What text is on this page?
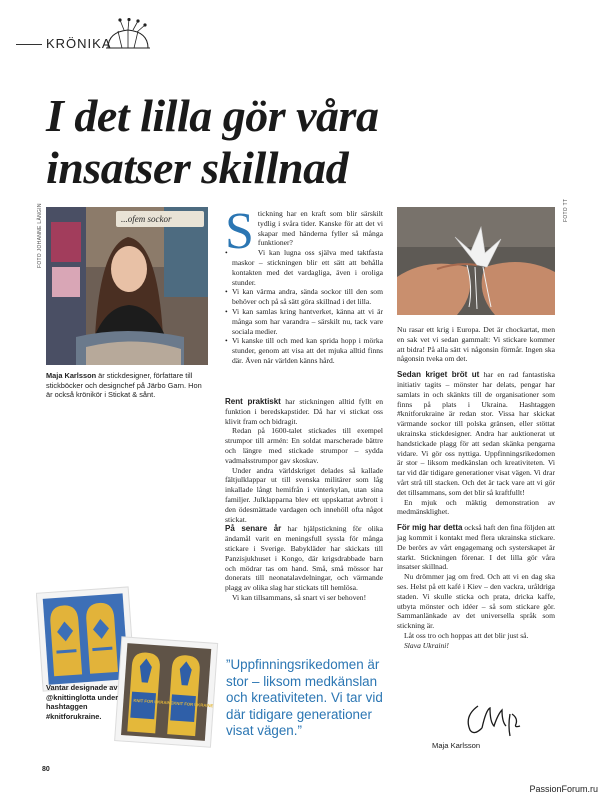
KRÖNIKA
I det lilla gör våra
insatser skillnad
FOTO JOHANNE LÄNGIN	...ofem sockor
Maja Karlsson är stickdesigner, författare till stickböcker och designchef på Järbo Garn. Hon är också krönikör i Stickat & sånt.
S tickning har en kraft som blir särskilt tydlig i svåra tider. Kanske för att det vi skapar med händerna fyller så många funktioner?

• Vi kan lugna oss själva med taktfasta maskor – stickningen blir ett sätt att behålla kontakten med det vardagliga, även i oroliga stunder.

• Vi kan värma andra, sända sockor till den som behöver och på så sätt göra skillnad i det lilla.

• Vi kan samlas kring hantverket, känna att vi är många som har varandra – särskilt nu, tack vare sociala medier.

• Vi kanske till och med kan sprida hopp i mörka stunder, genom att visa att det mjuka alltid finns där. Även när världen känns hård.

Rent praktiskt har stickningen alltid fyllt en funktion i beredskapstider. Då har vi stickat oss klivit fram och bidragit.

Redan på 1600-talet stickades till exempel strumpor till armén: En soldat marscherade bättre och längre med stickade strumpor – sydda vadmalsstrumpor gav skoskav.

Under andra världskriget delades så kallade fältjulklappar ut till svenska militärer som låg inkallade långt hemifrån i vinterkylan, utan sina familjer. Julklapparna blev ett uppskattat avbrott i den ödesmättade vardagen och innehöll ofta något stickat.

På senare år har hjälpstickning för olika ändamål varit en meningsfull syssla för många stickare i Sverige. Babykläder har skickats till Panzisjukhuset i Kongo, där krigsdrabbade barn och mödrar tas om hand. Små, små mössor har donerats till neonatalavdelningar, och värmande plagg av olika slag har stickats till hemlösa.

Vi kan tillsammans, så snart vi ser behoven!

”Uppfinningsrikedomen är stor – liksom medkänslan och kreativiteten. Vi tar vid där tidigare generationer visat vägen.”
FOTO TT

Nu rasar ett krig i Europa. Det är chockartat, men en sak vet vi sedan gammalt: Vi stickare kommer att bidra! På alla sätt vi någonsin förmår. Ingen ska någonsin tveka om det.

Sedan kriget bröt ut har en rad fantastiska initiativ tagits – mönster har delats, pengar har samlats in och skänkts till de organisationer som finns på plats i Ukraina. Hashtaggen #knitforukraine är redan stor. Vissa har skickat värmande sockor till polska gränsen, eller stöttat ukrainska stickdesigner. Andra har auktionerat ut handstickade plagg för att sedan skänka pengarna vidare. Vi gör oss nyttiga. Uppfinningsrikedomen är stor – liksom medkänslan och kreativiteten. Vi tar vid där tidigare generationer visat vägen. Vi drar vårt strå till stacken. Och det är tack vare att vi gör det tillsammans, som det blir så kraftfullt!

En mjuk och mäktig demonstration av medmänsklighet.

För mig har detta också haft den fina följden att jag kommit i kontakt med flera ukrainska stickare. De berörs av vårt engagemang och systerskapet är starkt. Stickningen förenar. I det lilla gör våra insatser skillnad.

Nu drömmer jag om fred. Och att vi en dag ska ses. Helst på ett kafé i Kiev – den vackra, uråldriga staden. Vi skulle sticka och prata, dricka kaffe, utbyta mönster och idéer – så som stickare gör. Sammanlänkade av det universella språk som stickning är.

Låt oss tro och hoppas att det blir just så.

Slava Ukraini!

Maja Karlsson
KNIT FOR UKRAINE KNIT FOR UKRAINE
Vantar designade av @knittinglotta under hashtaggen #knitforukraine.
80
PassionForum.ru
